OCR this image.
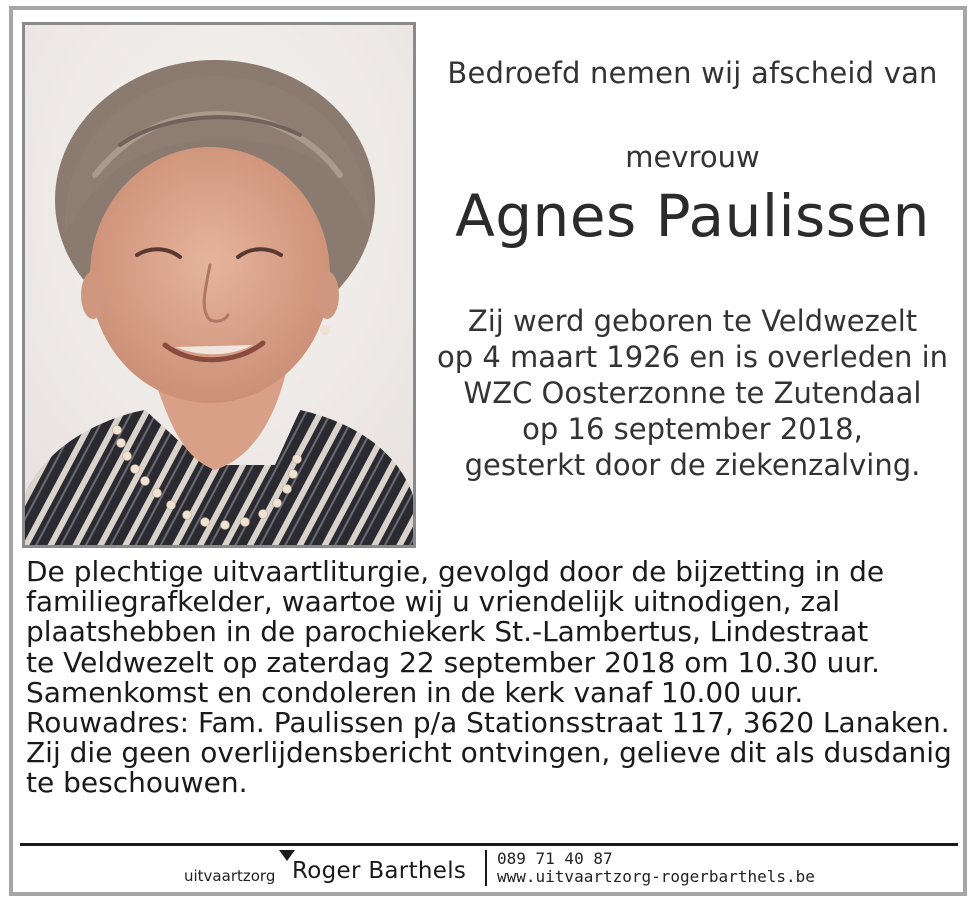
Bedroefd nemen wij afscheid van
mevrouw
Agnes Paulissen
Zij werd geboren te Veldwezelt
op 4 maart 1926 en is overleden in
WZC Oosterzonne te Zutendaal
op 16 september 2018,
gesterkt door de ziekenzalving.
De plechtige uitvaartliturgie, gevolgd door de bijzetting in de
familiegrafkelder, waartoe wij u vriendelijk uitnodigen, zal
plaatshebben in de parochiekerk St.-Lambertus, Lindestraat
te Veldwezelt op zaterdag 22 september 2018 om 10.30 uur.
Samenkomst en condoleren in de kerk vanaf 10.00 uur.
Rouwadres: Fam. Paulissen p/a Stationsstraat 117, 3620 Lanaken.
Zij die geen overlijdensbericht ontvingen, gelieve dit als dusdanig
te beschouwen.
uitvaartzorg Roger Barthels 089 71 40 87
www.uitvaartzorg-rogerbarthels.be
